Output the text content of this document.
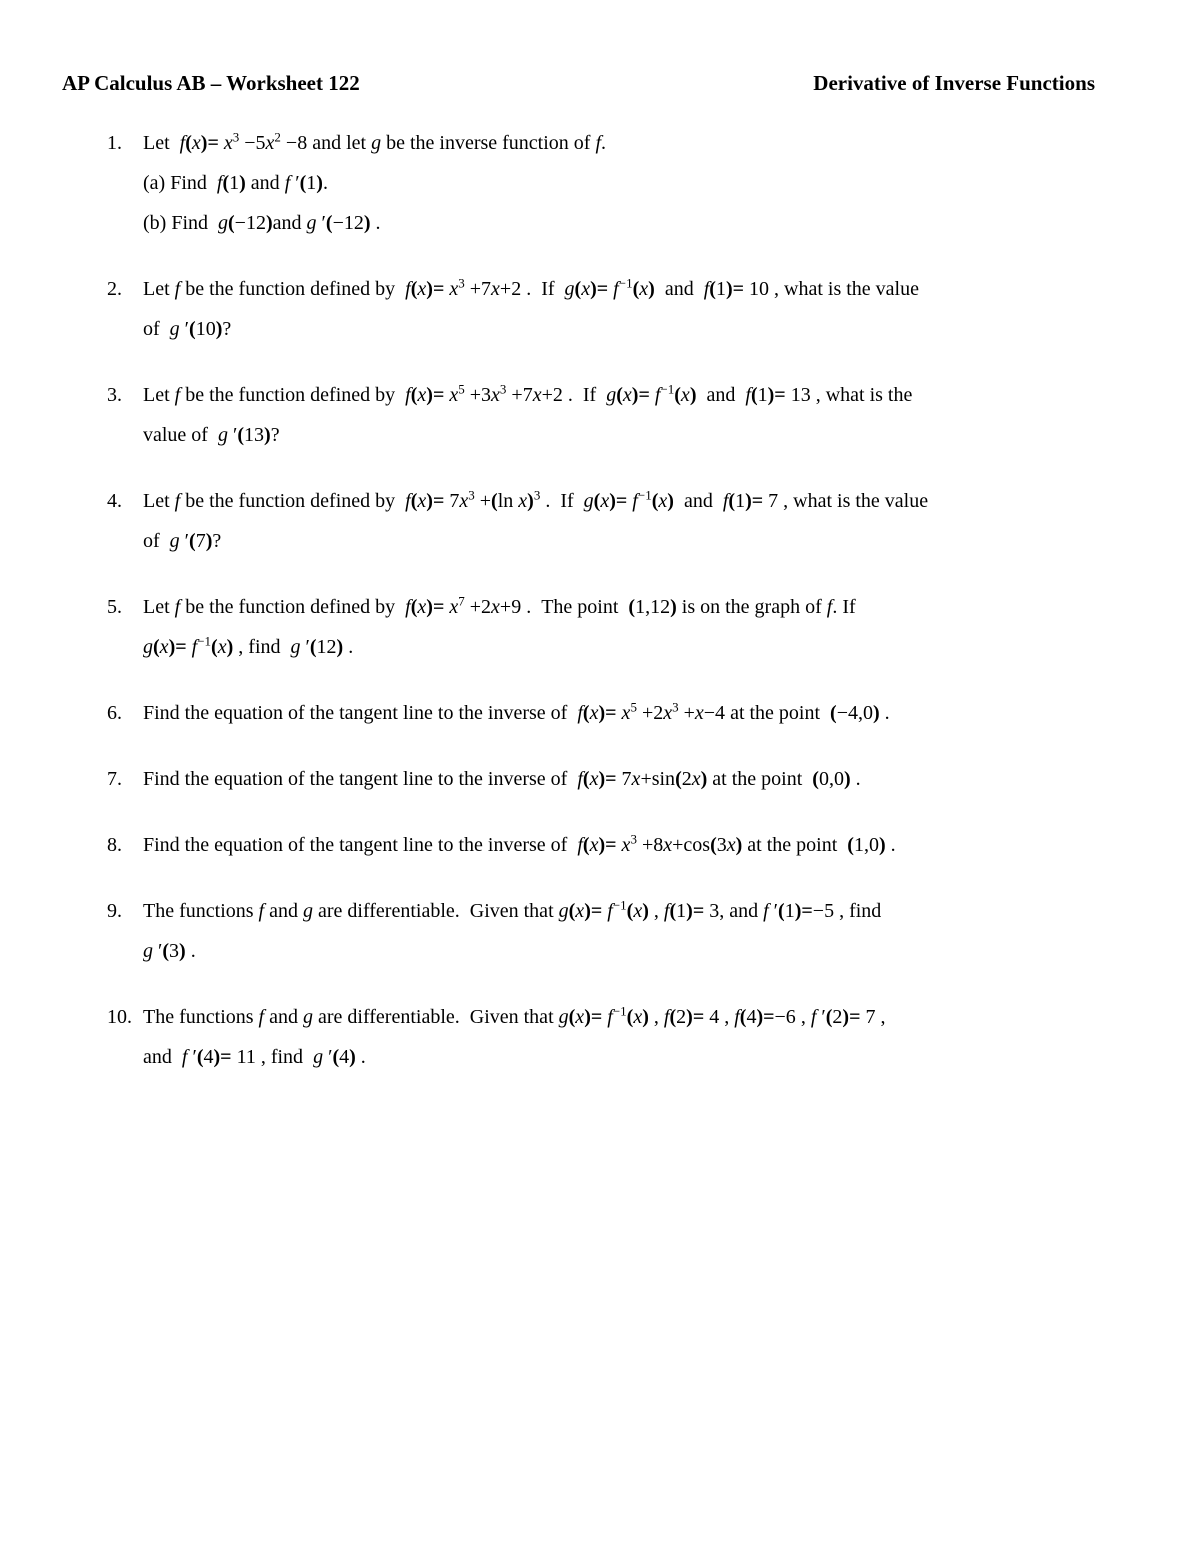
AP Calculus AB – Worksheet 122	Derivative of Inverse Functions
1.	Let  $f(x)= x^3 -5x^2 -8$ and let g be the inverse function of f.
(a) Find  f(1) and f ′(1).
(b) Find  g(−12)and g ′(−12) .
2.	Let f be the function defined by  $f(x)= x^3 +7x+2$ .  If  $g(x)= f^{-1}(x)$  and  f(1)= 10 , what is the value
of  g ′(10)?
3.	Let f be the function defined by  $f(x)= x^5 +3x^3 +7x+2$ .  If  $g(x)= f^{-1}(x)$  and  f(1)= 13 , what is the
value of  g ′(13)?
4.	Let f be the function defined by  $f(x)= 7x^3 +(\ln$ x)$^3$ .  If  $g(x)= f^{-1}(x)$  and  f(1)= 7 , what is the value
of  g ′(7)?
5.	Let f be the function defined by  $f(x)= x^7 +2x+9$ .  The point  (1,12) is on the graph of f. If
$g(x)= f^{-1}(x)$ , find  g ′(12) .
6.	Find the equation of the tangent line to the inverse of  $f(x)= x^5 +2x^3 +x-4$ at the point  (−4,0) .
7.	Find the equation of the tangent line to the inverse of  f(x)= 7x+sin(2x) at the point  (0,0) .
8.	Find the equation of the tangent line to the inverse of  $f(x)= x^3 +8x+\cos(3x)$ at the point  (1,0) .
9.	The functions f and g are differentiable.  Given that $g(x)= f^{-1}(x)$ , f(1)= 3, and f ′(1)=−5 , find
g ′(3) .
10. The functions f and g are differentiable.  Given that $g(x)= f^{-1}(x)$ , f(2)= 4 , f(4)=−6 , f ′(2)= 7 ,
and  f ′(4)= 11 , find  g ′(4) .
